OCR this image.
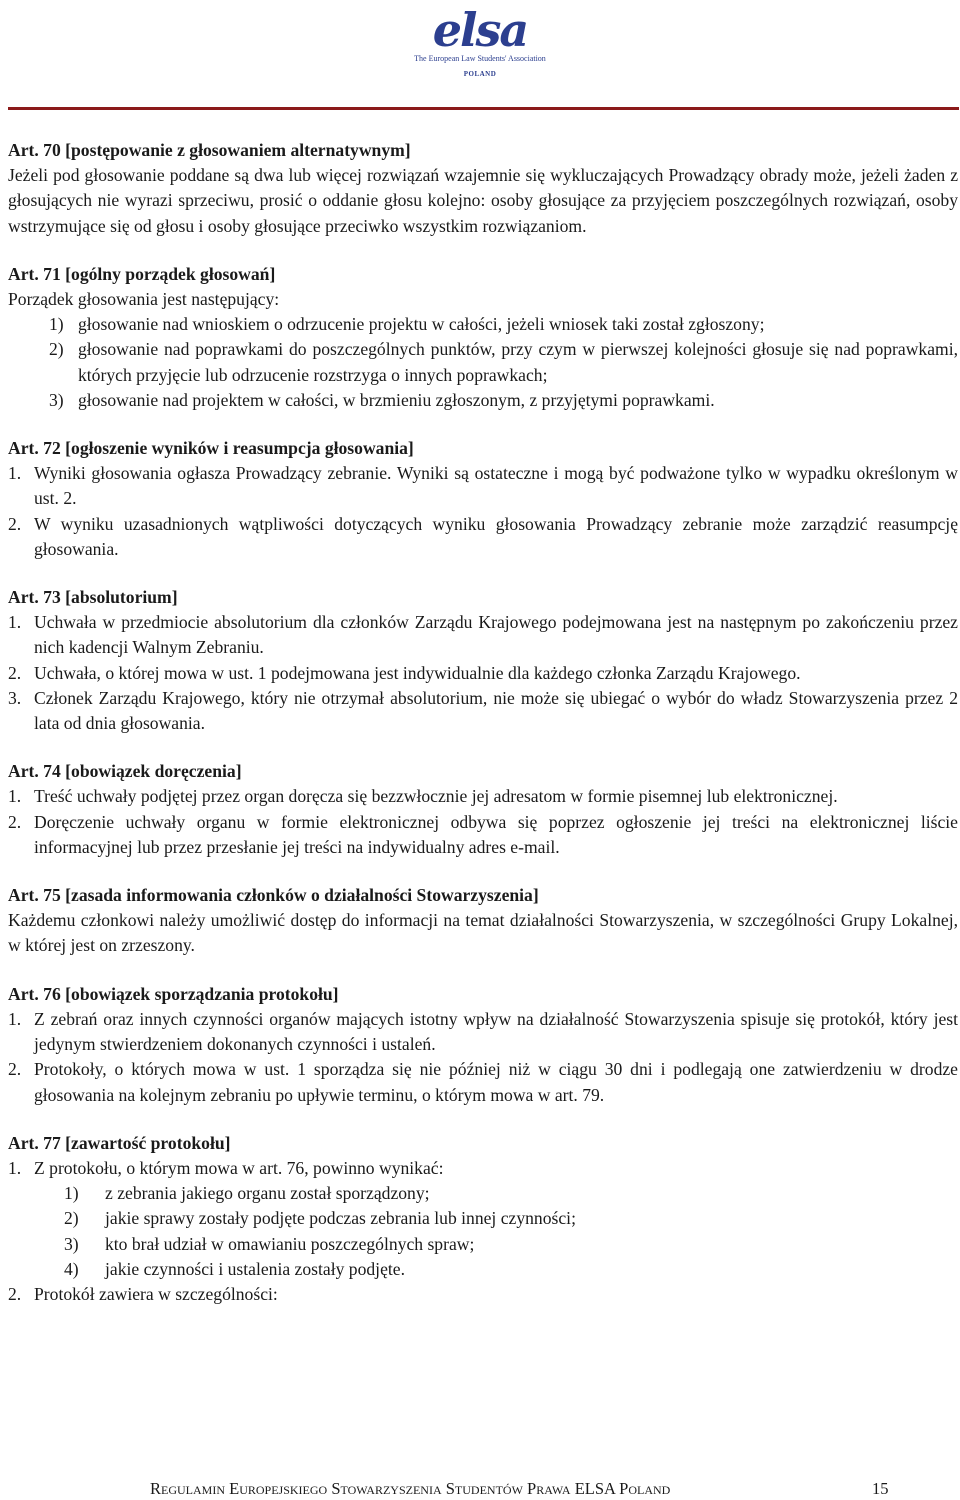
elsa
The European Law Students' Association
POLAND

Art. 70 [postępowanie z głosowaniem alternatywnym]

Jeżeli pod głosowanie poddane są dwa lub więcej rozwiązań wzajemnie się wykluczających Prowadzący obrady może, jeżeli żaden z głosujących nie wyrazi sprzeciwu, prosić o oddanie głosu kolejno: osoby głosujące za przyjęciem poszczególnych rozwiązań, osoby wstrzymujące się od głosu i osoby głosujące przeciwko wszystkim rozwiązaniom.

Art. 71 [ogólny porządek głosowań]

Porządek głosowania jest następujący:

1) głosowanie nad wnioskiem o odrzucenie projektu w całości, jeżeli wniosek taki został zgłoszony;
2) głosowanie nad poprawkami do poszczególnych punktów, przy czym w pierwszej kolejności głosuje się nad poprawkami, których przyjęcie lub odrzucenie rozstrzyga o innych poprawkach;
3) głosowanie nad projektem w całości, w brzmieniu zgłoszonym, z przyjętymi poprawkami.

Art. 72 [ogłoszenie wyników i reasumpcja głosowania]

1. Wyniki głosowania ogłasza Prowadzący zebranie. Wyniki są ostateczne i mogą być podważone tylko w wypadku określonym w ust. 2.
2. W wyniku uzasadnionych wątpliwości dotyczących wyniku głosowania Prowadzący zebranie może zarządzić reasumpcję głosowania.

Art. 73 [absolutorium]

1. Uchwała w przedmiocie absolutorium dla członków Zarządu Krajowego podejmowana jest na następnym po zakończeniu przez nich kadencji Walnym Zebraniu.
2. Uchwała, o której mowa w ust. 1 podejmowana jest indywidualnie dla każdego członka Zarządu Krajowego.
3. Członek Zarządu Krajowego, który nie otrzymał absolutorium, nie może się ubiegać o wybór do władz Stowarzyszenia przez 2 lata od dnia głosowania.

Art. 74 [obowiązek doręczenia]

1. Treść uchwały podjętej przez organ doręcza się bezzwłocznie jej adresatom w formie pisemnej lub elektronicznej.
2. Doręczenie uchwały organu w formie elektronicznej odbywa się poprzez ogłoszenie jej treści na elektronicznej liście informacyjnej lub przez przesłanie jej treści na indywidualny adres e-mail.

Art. 75 [zasada informowania członków o działalności Stowarzyszenia]

Każdemu członkowi należy umożliwić dostęp do informacji na temat działalności Stowarzyszenia, w szczególności Grupy Lokalnej, w której jest on zrzeszony.

Art. 76 [obowiązek sporządzania protokołu]

1. Z zebrań oraz innych czynności organów mających istotny wpływ na działalność Stowarzyszenia spisuje się protokół, który jest jedynym stwierdzeniem dokonanych czynności i ustaleń.
2. Protokoły, o których mowa w ust. 1 sporządza się nie później niż w ciągu 30 dni i podlegają one zatwierdzeniu w drodze głosowania na kolejnym zebraniu po upływie terminu, o którym mowa w art. 79.

Art. 77 [zawartość protokołu]

1. Z protokołu, o którym mowa w art. 76, powinno wynikać:
1)	z zebrania jakiego organu został sporządzony;
2)	jakie sprawy zostały podjęte podczas zebrania lub innej czynności;
3)	kto brał udział w omawianiu poszczególnych spraw;
4)	jakie czynności i ustalenia zostały podjęte.
2. Protokół zawiera w szczególności:
Regulamin Europejskiego Stowarzyszenia Studentów Prawa ELSA Poland	15
